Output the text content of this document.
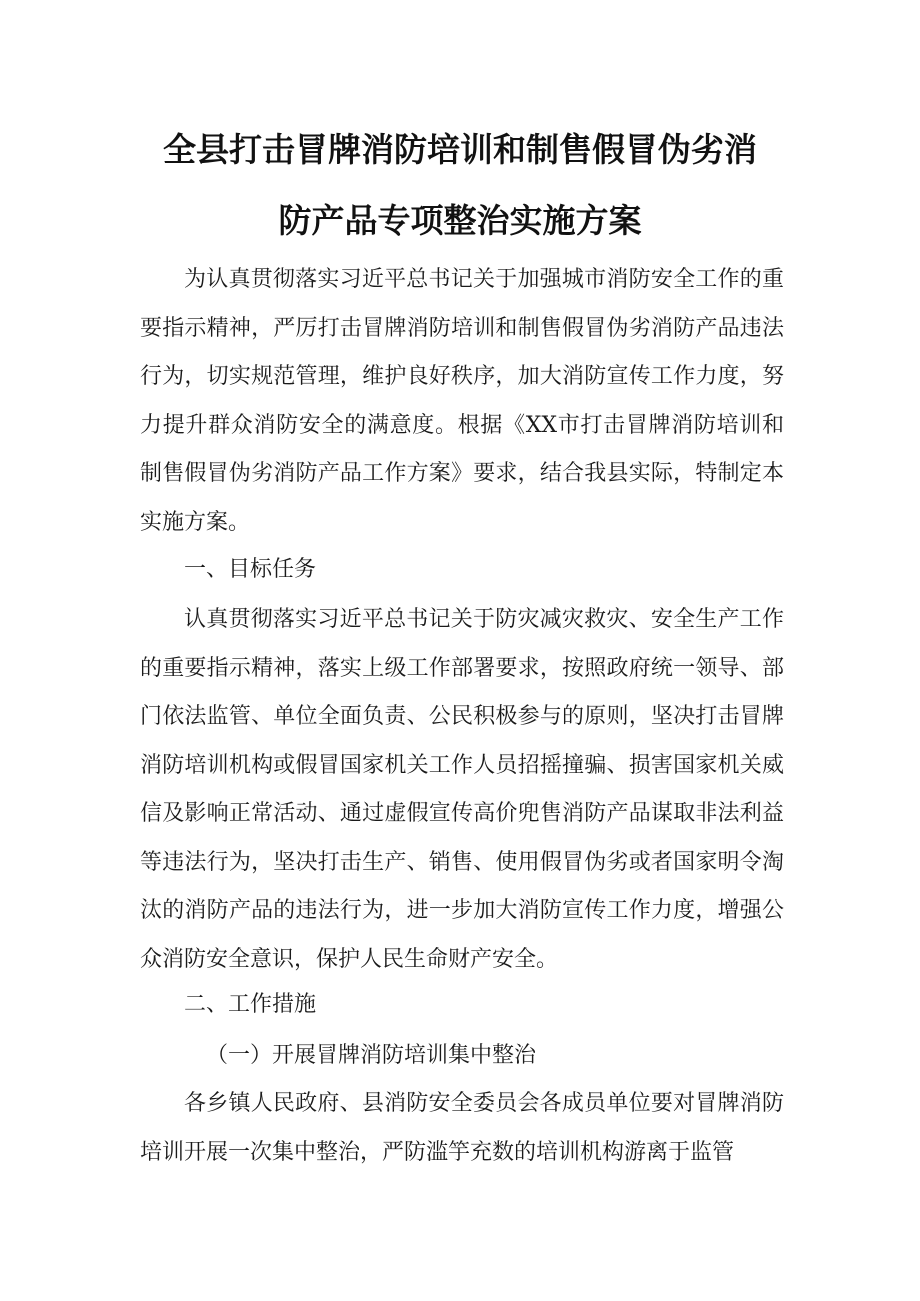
全县打击冒牌消防培训和制售假冒伪劣消
防产品专项整治实施方案

为认真贯彻落实习近平总书记关于加强城市消防安全工作的重要指示精神，严厉打击冒牌消防培训和制售假冒伪劣消防产品违法行为，切实规范管理，维护良好秩序，加大消防宣传工作力度，努力提升群众消防安全的满意度。根据《XX市打击冒牌消防培训和制售假冒伪劣消防产品工作方案》要求，结合我县实际，特制定本实施方案。

一、目标任务

认真贯彻落实习近平总书记关于防灾减灾救灾、安全生产工作的重要指示精神，落实上级工作部署要求，按照政府统一领导、部门依法监管、单位全面负责、公民积极参与的原则，坚决打击冒牌消防培训机构或假冒国家机关工作人员招摇撞骗、损害国家机关威信及影响正常活动、通过虚假宣传高价兜售消防产品谋取非法利益等违法行为，坚决打击生产、销售、使用假冒伪劣或者国家明令淘汰的消防产品的违法行为，进一步加大消防宣传工作力度，增强公众消防安全意识，保护人民生命财产安全。

二、工作措施

（一）开展冒牌消防培训集中整治

各乡镇人民政府、县消防安全委员会各成员单位要对冒牌消防培训开展一次集中整治，严防滥竽充数的培训机构游离于监管
